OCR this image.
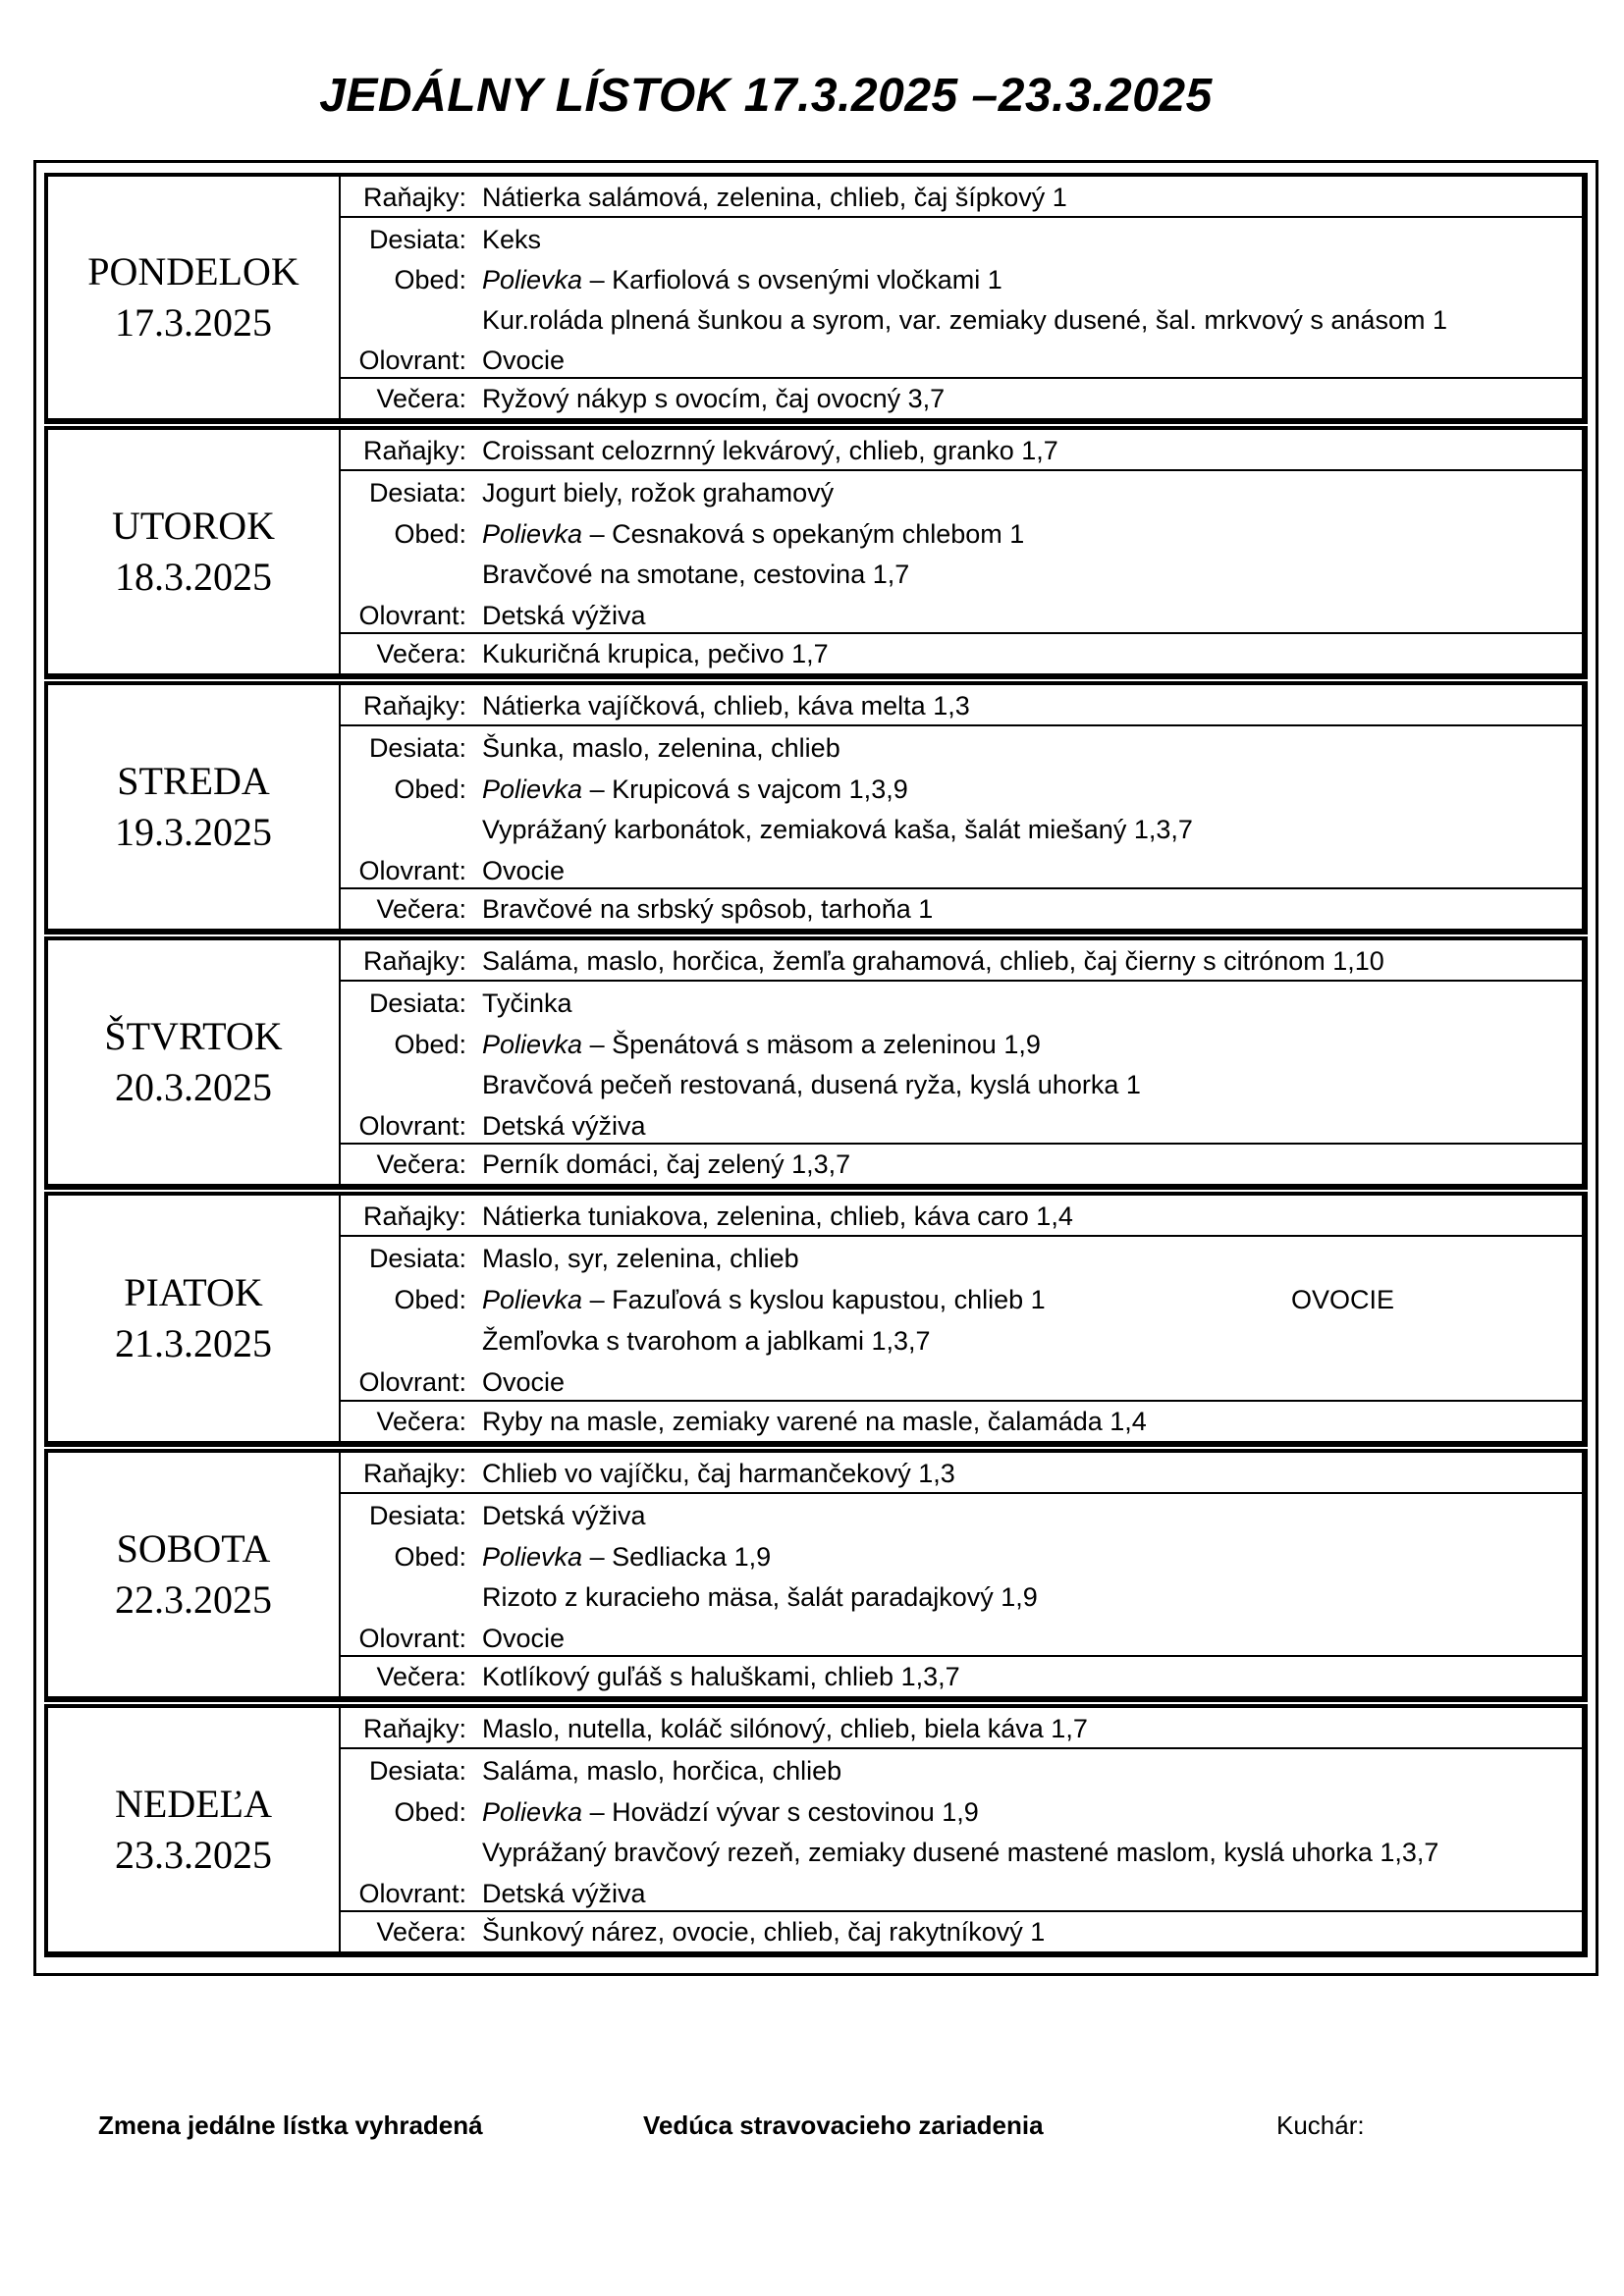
JEDÁLNY LÍSTOK 17.3.2025 –23.3.2025
PONDELOK
17.3.2025
Raňajky: Nátierka salámová, zelenina, chlieb, čaj šípkový 1
Desiata: Keks
Obed: Polievka – Karfiolová s ovsenými vločkami 1
Kur.roláda plnená šunkou a syrom, var. zemiaky dusené, šal. mrkvový s anásom 1
Olovrant: Ovocie
Večera: Ryžový nákyp s ovocím, čaj ovocný 3,7
UTOROK
18.3.2025
Raňajky: Croissant celozrnný lekvárový, chlieb, granko 1,7
Desiata: Jogurt biely, rožok grahamový
Obed: Polievka – Cesnaková s opekaným chlebom 1
Bravčové na smotane, cestovina 1,7
Olovrant: Detská výživa
Večera: Kukuričná krupica, pečivo 1,7
STREDA
19.3.2025
Raňajky: Nátierka vajíčková, chlieb, káva melta 1,3
Desiata: Šunka, maslo, zelenina, chlieb
Obed: Polievka – Krupicová s vajcom 1,3,9
Vyprážaný karbonátok, zemiaková kaša, šalát miešaný 1,3,7
Olovrant: Ovocie
Večera: Bravčové na srbský spôsob, tarhoňa 1
ŠTVRTOK
20.3.2025
Raňajky: Saláma, maslo, horčica, žemľa grahamová, chlieb, čaj čierny s citrónom 1,10
Desiata: Tyčinka
Obed: Polievka – Špenátová s mäsom a zeleninou 1,9
Bravčová pečeň restovaná, dusená ryža, kyslá uhorka 1
Olovrant: Detská výživa
Večera: Perník domáci, čaj zelený 1,3,7
PIATOK
21.3.2025
Raňajky: Nátierka tuniakova, zelenina, chlieb, káva caro 1,4
Desiata: Maslo, syr, zelenina, chlieb
Obed: Polievka – Fazuľová s kyslou kapustou, chlieb 1	OVOCIE
Žemľovka s tvarohom a jablkami 1,3,7
Olovrant: Ovocie
Večera: Ryby na masle, zemiaky varené na masle, čalamáda 1,4
SOBOTA
22.3.2025
Raňajky: Chlieb vo vajíčku, čaj harmančekový 1,3
Desiata: Detská výživa
Obed: Polievka – Sedliacka 1,9
Rizoto z kuracieho mäsa, šalát paradajkový 1,9
Olovrant: Ovocie
Večera: Kotlíkový guľáš s haluškami, chlieb 1,3,7
NEDEĽA
23.3.2025
Raňajky: Maslo, nutella, koláč silónový, chlieb, biela káva 1,7
Desiata: Saláma, maslo, horčica, chlieb
Obed: Polievka – Hovädzí vývar s cestovinou 1,9
Vyprážaný bravčový rezeň, zemiaky dusené mastené maslom, kyslá uhorka 1,3,7
Olovrant: Detská výživa
Večera: Šunkový nárez, ovocie, chlieb, čaj rakytníkový 1
Zmena jedálne lístka vyhradená	Vedúca stravovacieho zariadenia	Kuchár:
